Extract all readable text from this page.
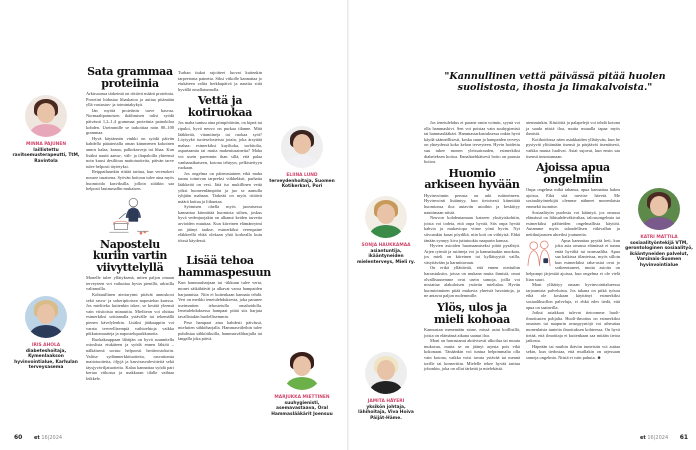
Sata grammaa proteiinia

Arkiruoassa tärkeintä on riittävä määrä proteiinia. Proteiini hidastaa lihaskatoa ja auttaa pitämään yllä vastustus- ja toimintakykyä.

Iän myötä proteiinin tarve kasvaa. Normaalipainoisen ikäihmisen tulisi syödä päivässä 1,2–1,4 grammaa proteiinia painokiloa kohden. Useimmille se tarkoittaa noin 80–100 grammaa.

Hyvä käytännön vinkki on syödä päivän kahdella pääaterialla oman kämmenen kokoinen annos kalaa, kanaa, palkokasveja tai lihaa. Kun lisäksi nautit aamu-, väli- ja iltapaloilla yhteensä noin kuusi desilitraa maitotuotteita, päivän tarve tulee helposti täytetyksi.

Reippailuunkin riittää tarttua, kun verenokeri nousee tasaisena. Syövän hoitoon tulee aina myös huomioida kasviksilla, jolloin siitäkin saa helposti lautasmallin mukaisen.

Napostelu kuriin vartin viivyttelyllä

Monelle tulee yllätyksenä, miten paljon omaan terveyteen voi vaikuttaa hyvin pienillä, arkisilla valinnoilla.

Kohtuullinen ateriarytmi pitävät annoskoot sekä rasva- ja sokeripitoisen napostelun kurissa. Jos mielitekо kuitenkin iskee, se kestää yleensä vain viisitoista minuuttia. Mielitеon voi ohittaa esimerkiksi soittamalla ystävälle tai tekemällä pienen kävelylenkin. Lisäksi jääkaappiin voi varata terveellisempiä vaihtoehtoja vaikka pikkutomaatteja ja napostelupurkkanoita.

Ruokakauppaan lähtijän on hyvä suunnitella ostoslista etukäteen ja syödä ennen lähtöä – nälkäisenä sortuu helpoosti heräteostoksiin. Valitse sydänmerkkituotteita, rasvattomia maitotuotteita, öljyjä ja kasvirasvalevitteitä sekä täysjyväviljatuotteita. Kalaa kannattaa syödä pari kertaa viikossa ja makkaran tilalle vaihtaa leikkele.

Turhan tiukat rajoitteet luovat kuitenkin tarpeetonta painetta. Siksi viikolle kannattaa jo etukäteen valita herkkupäivä ja nauttia siitä hyvällä omallatunnolla.

Vettä ja kotiruokaa

Jos maha tuntuu aina pömpöttävän, on kipeä tai ripuloi, hyvä neuvo on purkaa tilanne. Mitä lääkkeitä, vitamiineja tai ruokaa syöt? Löytyykö tuoteselosteista jotain, joka ärsyttää mahaa: esimerkiksi kuyiltoka, sorbitolia, aspartaamia tai muita makeutusaineita? Maha voi usein parenmin ihan sillä, että palaa vanhanaikaiseen, kotona tehtyyn, pelkistettyyn ruokaan.

Jos ongelma on päinvastainen eikä maha tunnu toimivan tarpeeksi viikkelästi, parhaita lääkkeitä on vesi. Jätä iso mukillinen vettä yöksi huoneenlämpöön ja juo se aamulla tyhjään mahaan. Tärkeää on myös riittävä määrä kuitua ja liikuntaa.

Syömisen ohella myös juomisessa kannattaa kiinnittää huomiota siihen, joskus hyvä vedenjuojakin on alkanut keiden tarvetta arvioiden muuttaa. Kun kiireinen elämänrytmi on jäänyt taakse, esimerkiksi verenpaine eläkkeellä ehkä olekaan yhtä korkealla kuin töissä käydessä.

Lisää tehoa hammaspesuun

Kun hammasharjaan tai -tikkuun tulee verta, monet säikähtävät ja alkavat varoa hampaiden harjaamista. Niin ei kuitenkaan kannata tehdä. Veri on merkki ienetulehduksesta, joka paranee useimmiten tehostetulla omahoidolla. Ienetulehduksessa hampaat pitää siis harjata tavallistakin huolellisemmin.

Pese hampaat aina kahdesti päivässä, mieluiten sähköharjalla. Hammasväleihin tulee puhdistaa sähkötikuilla, hammasväliharjalla tai langalla joka päivä.

MINNA PAJUNEN
laillistettu ravitsemusterapeutti, TtM, Ravintola
IRIS AHOLA
diabeteshoitaja, Kymenlaakson hyvinvointialue, Karhulan terveysasema
ELIINA LUND
terveydenhoitaja, Suomen Kotikerkari, Pori
MARJUKKA MIETTINEN
suuhygienisti, asemavastaava, Oral Hammaslääkärit Joensuu
60 et 16|2024
"Kannullinen vettä päivässä pitää huolen suolistosta, ihosta ja limakalvoista."

Jos ienetulehdus ei parane omin voimin, syynä voi olla hammaskivi. Sen voi poistaa vain suuhygienisti tai hammaslääkäri. Hammastarkastuksessa onkin hyvä käydä säännöllisesti, koska suun ja hampaiden terveys on yhteydessä koko kehon terveyteen. Hyvin hoidettu suu tukee monen yleissairauden, esimerkiksi diabeteksen hoitoa. Ennaltaehkäisevä hoito on parasta hoitoa.

Huomio arkiseen hyvään

Hyvinvoinnin perusta on arki rutiineineen. Hyvinvointi lisääntyy, kun tietoisesti kiinnittää huomionsa iloa antaviin asioihin ja keskittyy nauttimaan niistä.

Neuvon kohdentamaan katseen yksityiskohtiin, joista voi todeta, että onpa hyvää. Siis onpa hyvää kahvia ja mukaviopa viime yönä hyvin. Nyt siivoankin kasat pöydiltä, niin koti on viihtyisä. Ehkä tänään synnyy kiva juttutuokio naapurin kanssa.

Hyvien asioiden huomaamiseksi pitää pysähtyä. Arjen rytmiä ja rutiineja voi ja kannattaakin muokata, jos mieli on kiireinen tai kylläisyyttä vailla, väsyttävään ja harmittavaan.

On erikä yllättävää, että ennen otettuihin harrastuksiin, joissa on mukana muita ihmisiä, omat olvallisuutemme ovat usein samoja, joilla voi nostattaa alakuloisen ystävän mielialaa. Hyvän huomioiminen pitää mukavia yhteisiä havaintoja, ja ne antavat paljon molemmille.

Ylös, ulos ja mieli kohoaa

Kannustan menemään sinne, missä asiat koillisillä, joista on elämänsä aikana saanut iloa.

Moni on harrastanut aktiivisesti ulkoilua tai muuta mukavaa, mutta se on jäänyt arjesta pois eikä kokonaan. Tänäänkin voi tuntua helpommalta olla vain kotona, vaikka voisi tavata ystävää tai mennä torille tai konserttiin. Mielelle tekee hyvää tarttua johonkin, joka on ollut tärkeää ja mielekästä.

aiemminkin. Käsitöitä ja palapelejä voi tehdä kotona ja saada niistä iloa, mutta muualla tapaa myös ihmisiä.

Kotihoidossa näen asiakkaiden yllättyvän, kun he pystyvät ylittämään itsensä ja pärjäävät itsenäisesti, vaikka muuta luulivat. Asiat sujuvat, kun ensin saa itsensä innostumaan.

Ajoissa apua ongelmiin

Onpa ongelma mikä tahansa, apua kannattaa hakea ajoissa. Eikä sitä tarvitse hävetä. Me sosiaalityöntekijät olemme nähneet monenlaista emmekä tuomitse.

Sosiaalityön puolesta voi kääntyä, jos omassa elämässä on lähisuhdeväkivaltaa, talousongelmia tai esimerkiksi päihteiden ongelmallista käyttöä. Autamme myös taloudellisen väkivallan ja nettihuijausten uhreiksi joutuneita.

Apua kannattaa pyytää heti, kun joku asia omassa elämässä ei tunnu enää hyvältä tai normaalilta. Apua saa kaikissa tilanteissa, myös silloin kun esimerkiksi raha-asiat ovat jo sotkeentuneet, mutta asioita on helpompi järjestää ajoissa, kun ongelma ei ole vielä liian suuri.

Moni ylläättyy omaan hyvinvointialueessa tarjoamista palveluista. Jos takana on pitkä työura eikä ole koskaan käyttänyt esimerkiksi sosiaalihuollon palveluja, ei ehkä edes tiedä, että apua on saatavilla.

Jotkut asiakkaat tulevat tietoomme huoli-ilmoitusten pohjalta. Huoli-ilmoitus on esimerkiksi omaisen tai naapurin avunpyyntöjä voi aiheuttaa monenlaisia tunteita ilmoituksen kohteessa. On hyvä tietää, että ilmoittaja ei kuitenkaan saa mitään tietoa jatkosta.

Häpeään tai muihin ikäviin tunteisiin voi auttaa sekin, kun tiedostaa, että muillakin on arjessaan samoja ongelmia. Niistä ei vain puhuta. ☻

SONJA HAUKKAMAA
asiantuntija, ikääntyneiden mielenterveys, Mieli ry.
JAMITA HÄYERI
yksikön johtaja, lähihoitaja, Viva Hoiva Päijät-Häme.
KATRI MATTILA
sosiaalityöntekijä VTM, gerontologinen sosiaalityö, ikääntyneiden palvelut, Varsinais-Suomen hyvinvointialue
et 16|2024 61
